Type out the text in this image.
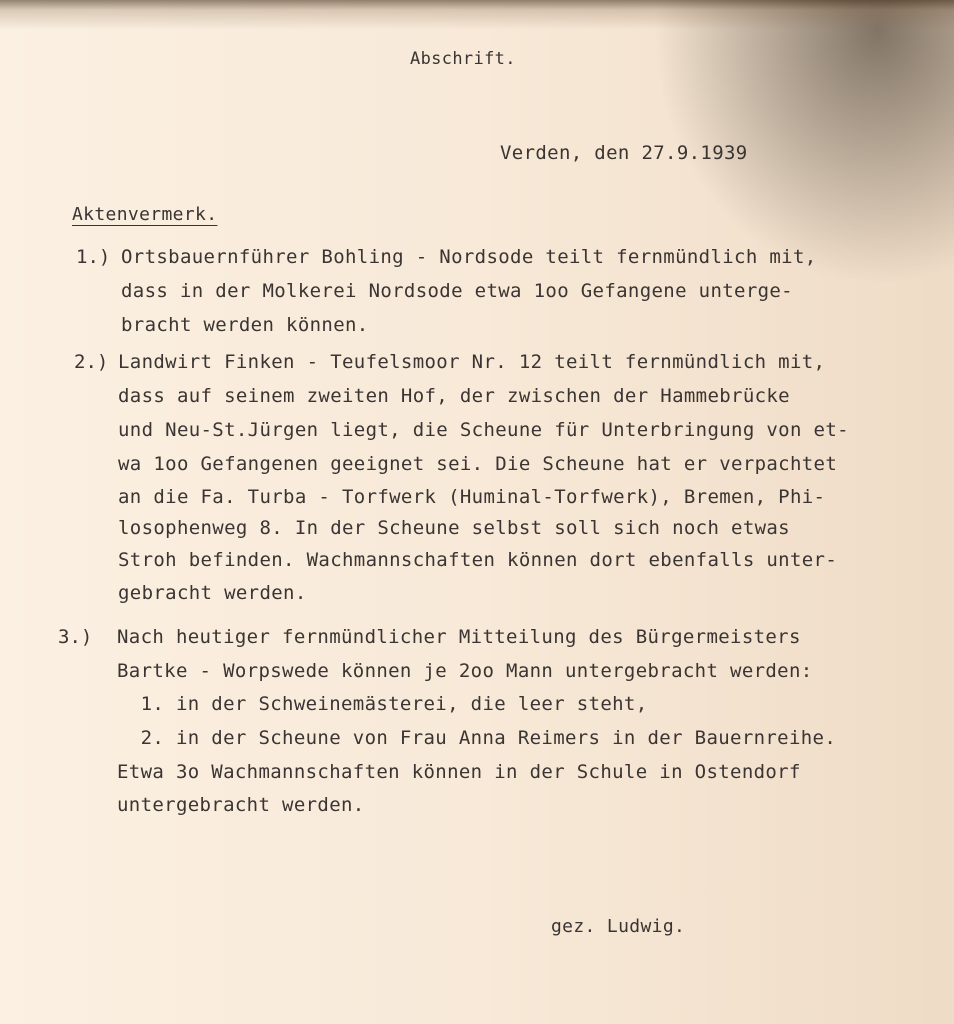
Abschrift.
Verden, den 27.9.1939
Aktenvermerk.
1.) Ortsbauernführer Bohling - Nordsode teilt fernmündlich mit,
dass in der Molkerei Nordsode etwa 1oo Gefangene unterge-
bracht werden können.
2.) Landwirt Finken - Teufelsmoor Nr. 12 teilt fernmündlich mit,
dass auf seinem zweiten Hof, der zwischen der Hammebrücke
und Neu-St.Jürgen liegt, die Scheune für Unterbringung von et-
wa 1oo Gefangenen geeignet sei. Die Scheune hat er verpachtet
an die Fa. Turba - Torfwerk (Huminal-Torfwerk), Bremen, Phi-
losophenweg 8. In der Scheune selbst soll sich noch etwas
Stroh befinden. Wachmannschaften können dort ebenfalls unter-
gebracht werden.
3.) Nach heutiger fernmündlicher Mitteilung des Bürgermeisters
Bartke - Worpswede können je 2oo Mann untergebracht werden:
1. in der Schweinemästerei, die leer steht,
2. in der Scheune von Frau Anna Reimers in der Bauernreihe.
Etwa 3o Wachmannschaften können in der Schule in Ostendorf
untergebracht werden.
gez. Ludwig.
